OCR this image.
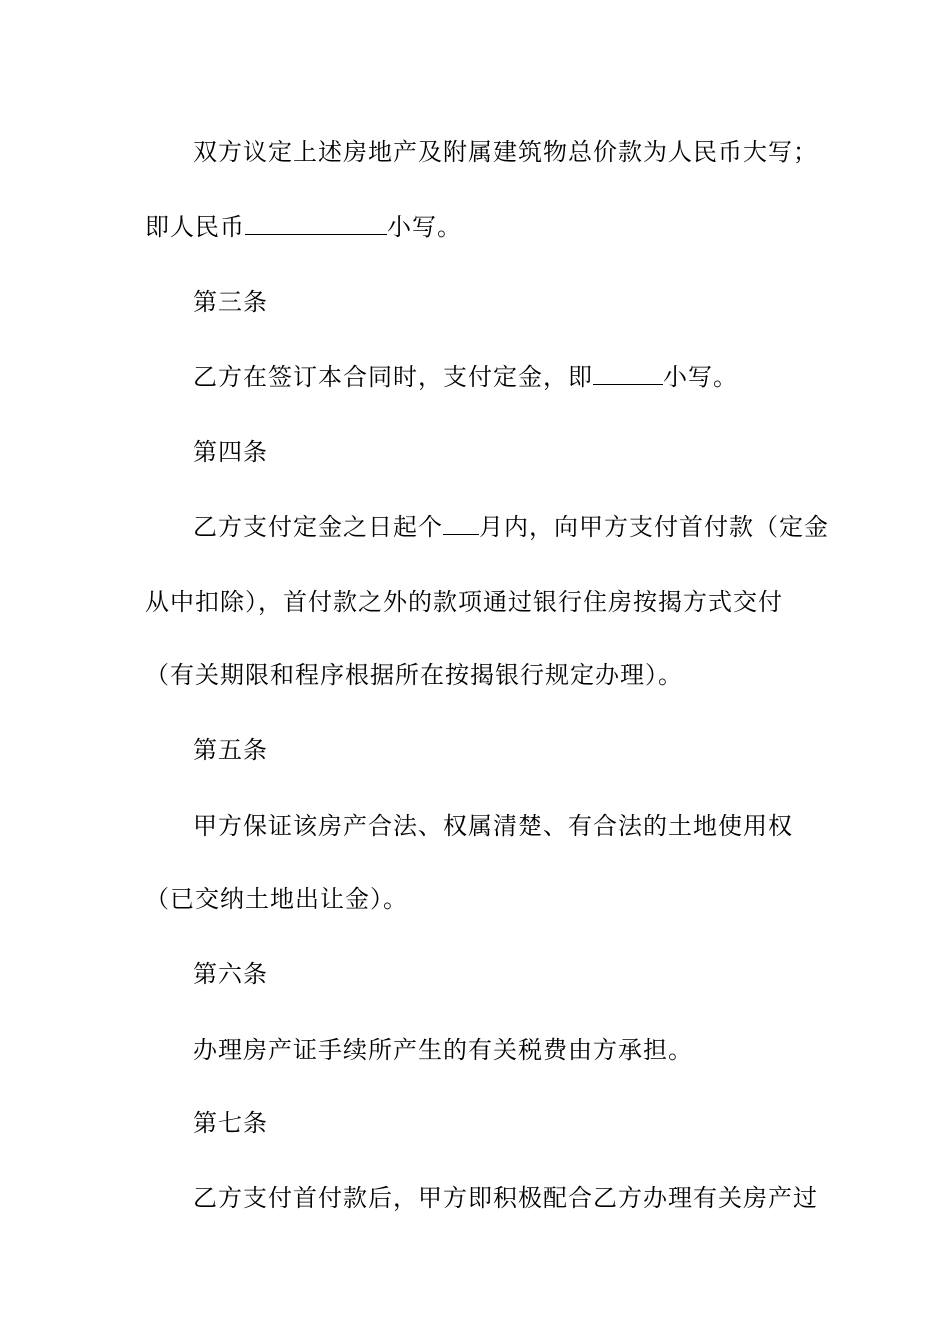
双方议定上述房地产及附属建筑物总价款为人民币大写；
即人民币	小写。
第三条
乙方在签订本合同时，支付定金，即	小写。
第四条
乙方支付定金之日起个 月内，向甲方支付首付款（定金
从中扣除），首付款之外的款项通过银行住房按揭方式交付
（有关期限和程序根据所在按揭银行规定办理）。
第五条
甲方保证该房产合法、权属清楚、有合法的土地使用权
（已交纳土地出让金）。
第六条
办理房产证手续所产生的有关税费由方承担。
第七条
乙方支付首付款后，甲方即积极配合乙方办理有关房产过
